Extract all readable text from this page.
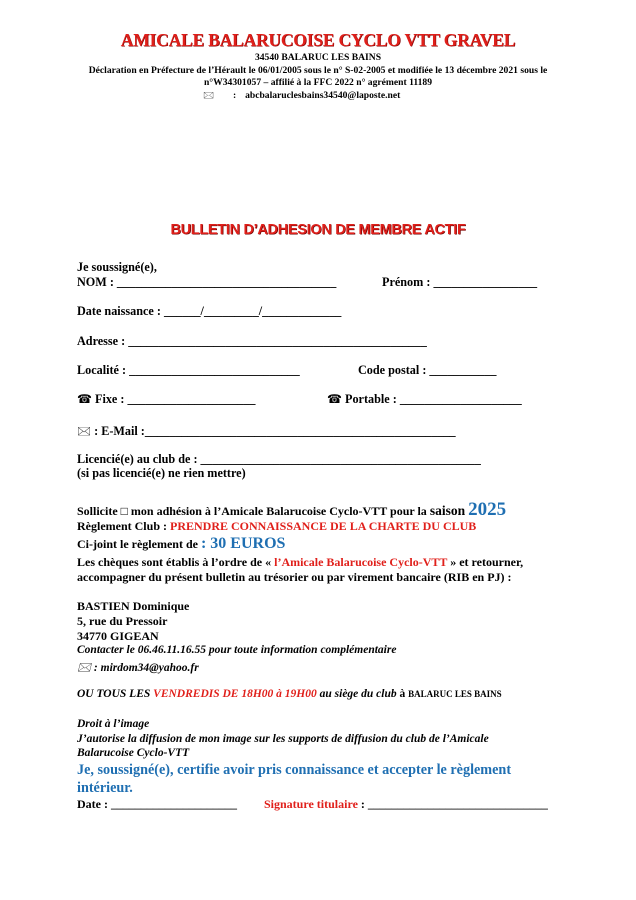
AMICALE BALARUCOISE CYCLO VTT GRAVEL
34540 BALARUC LES BAINS
Déclaration en Préfecture de l’Hérault le 06/01/2005 sous le n° S-02-2005 et modifiée le 13 décembre 2021 sous le
n°W34301057 – affilié à la FFC 2022 n° agrément 11189
🖂 : abcbalaruclesbains34540@laposte.net
BULLETIN D’ADHESION DE MEMBRE ACTIF
Je soussigné(e),
NOM : ____________________________________	Prénom : _________________
Date naissance : ______/_________/_____________
Adresse : _________________________________________________
Localité : ____________________________	Code postal : ___________
☎ Fixe : _____________________	☎ Portable : ____________________
🖂 : E-Mail :___________________________________________________
Licencié(e) au club de : ______________________________________________
(si pas licencié(e) ne rien mettre)
Sollicite □ mon adhésion à l’Amicale Balarucoise Cyclo-VTT pour la saison 2025
Règlement Club : PRENDRE CONNAISSANCE DE LA CHARTE DU CLUB
Ci-joint le règlement de : 30 EUROS
Les chèques sont établis à l’ordre de « l’Amicale Balarucoise Cyclo-VTT » et retourner,
accompagner du présent bulletin au trésorier ou par virement bancaire (RIB en PJ) :
BASTIEN Dominique
5, rue du Pressoir
34770 GIGEAN
Contacter le 06.46.11.16.55 pour toute information complémentaire
🖂 : mirdom34@yahoo.fr
OU TOUS LES VENDREDIS DE 18H00 à 19H00 au siège du club à BALARUC LES BAINS
Droit à l’image
J’autorise la diffusion de mon image sur les supports de diffusion du club de l’Amicale
Balarucoise Cyclo-VTT
Je, soussigné(e), certifie avoir pris connaissance et accepter le règlement
intérieur.
Date : _____________________ Signature titulaire : ______________________________
